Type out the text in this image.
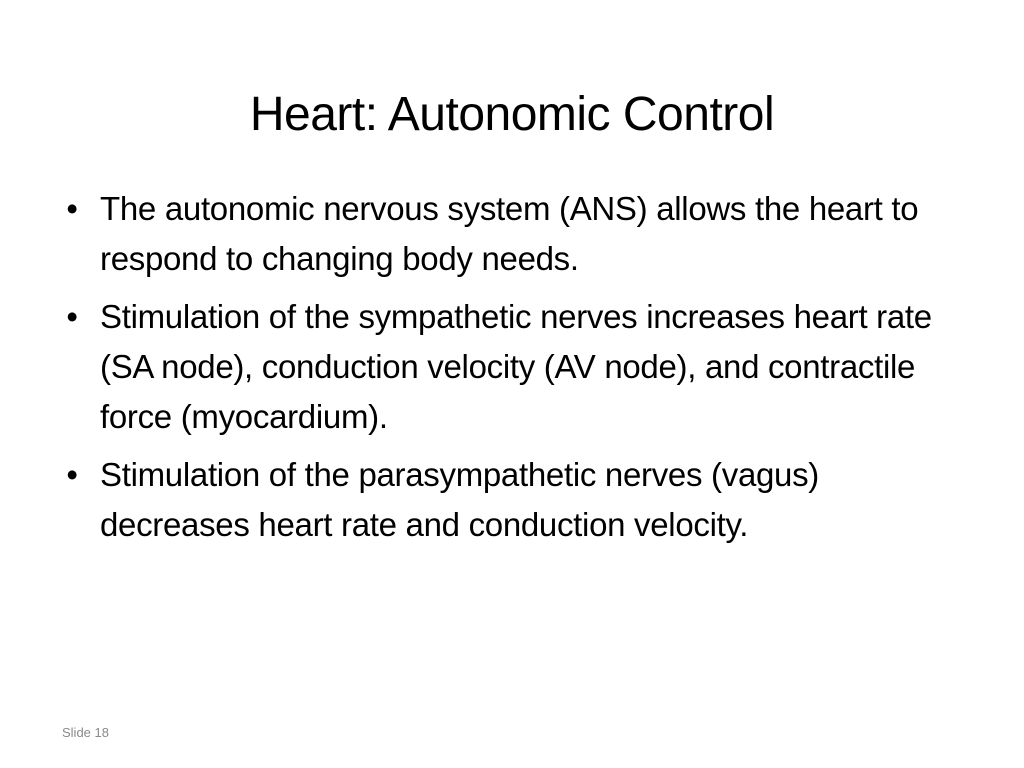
Heart: Autonomic Control
• The autonomic nervous system (ANS) allows the heart to respond to changing body needs.
• Stimulation of the sympathetic nerves increases heart rate (SA node), conduction velocity (AV node), and contractile force (myocardium).
• Stimulation of the parasympathetic nerves (vagus) decreases heart rate and conduction velocity.
Slide 18
